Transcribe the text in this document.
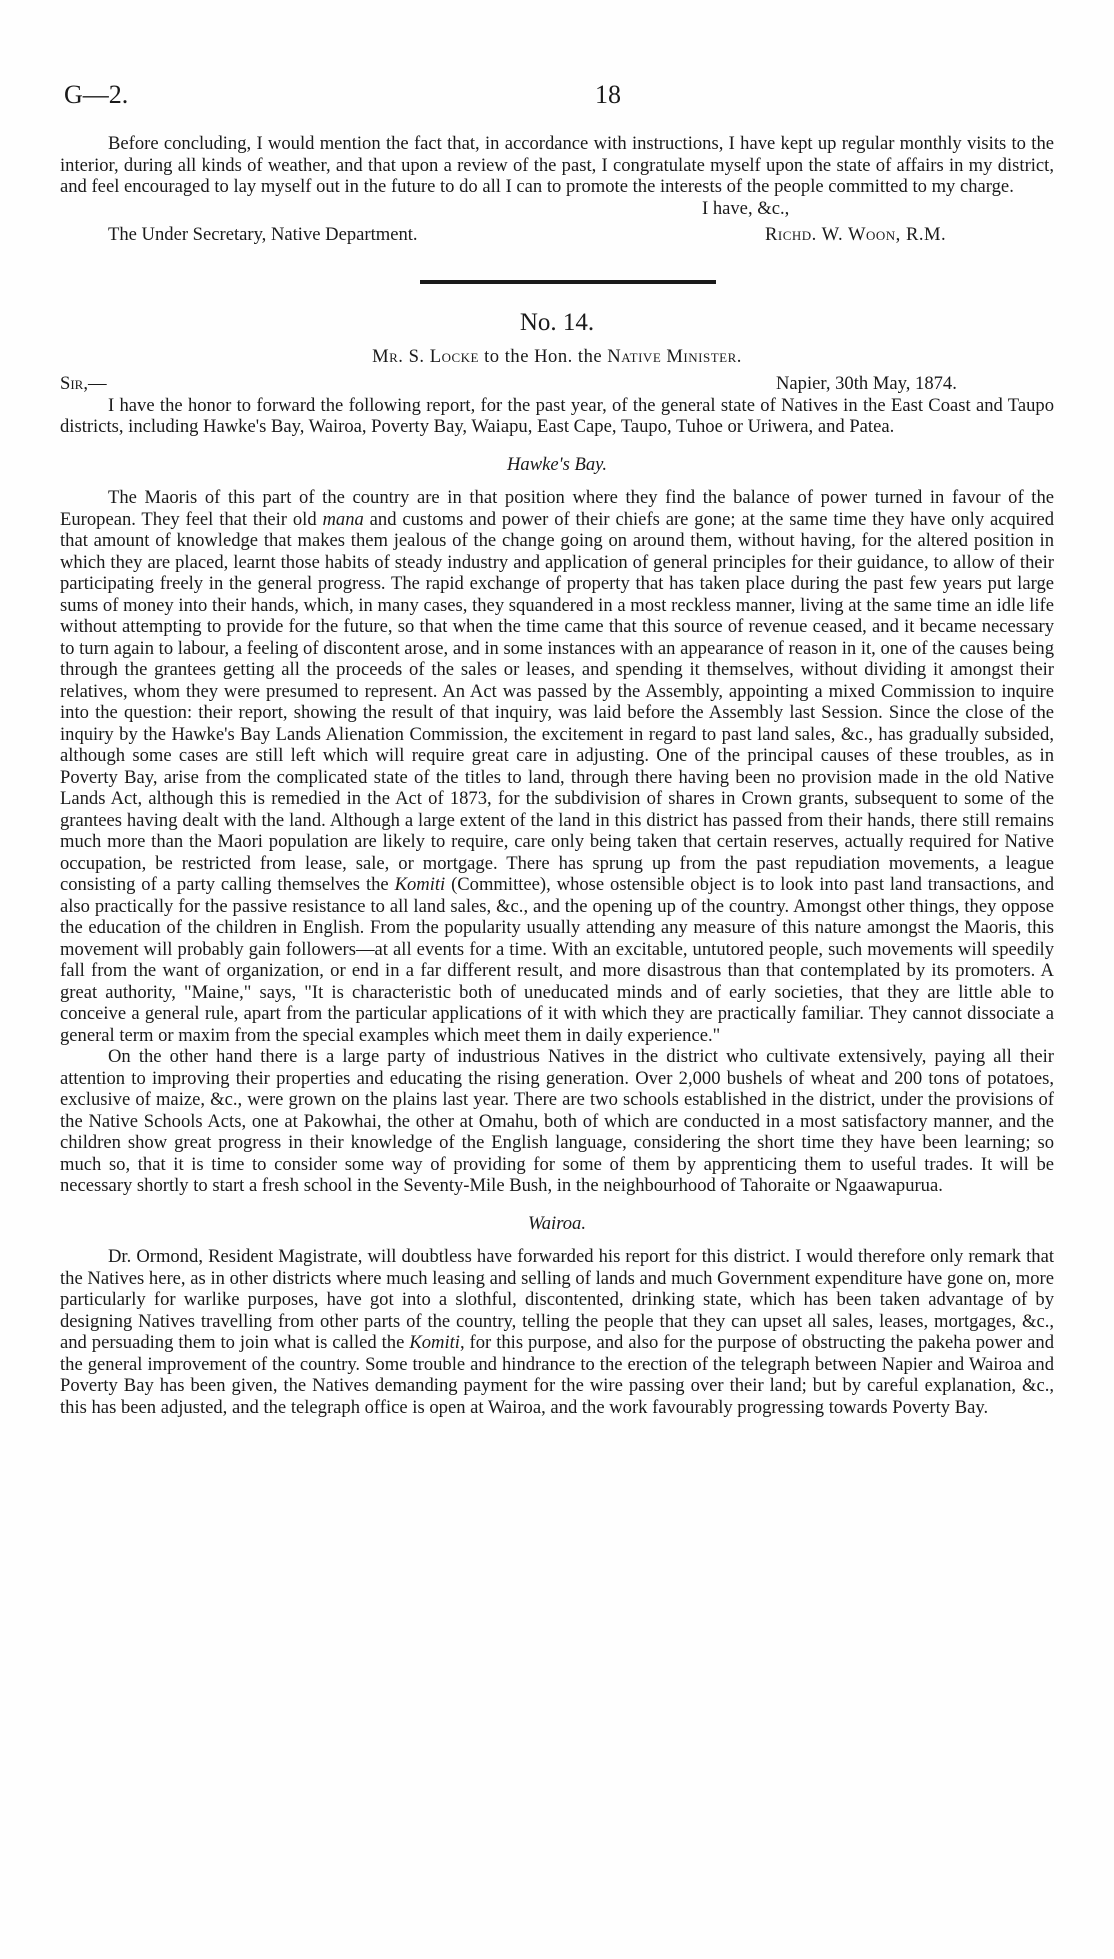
G—2.	18

Before concluding, I would mention the fact that, in accordance with instructions, I have kept up regular monthly visits to the interior, during all kinds of weather, and that upon a review of the past, I congratulate myself upon the state of affairs in my district, and feel encouraged to lay myself out in the future to do all I can to promote the interests of the people committed to my charge.

I have, &c.,
The Under Secretary, Native Department.	Richd. W. Woon, R.M.
No. 14.
Mr. S. Locke to the Hon. the Native Minister.
Sir,—	Napier, 30th May, 1874.

I have the honor to forward the following report, for the past year, of the general state of Natives in the East Coast and Taupo districts, including Hawke's Bay, Wairoa, Poverty Bay, Waiapu, East Cape, Taupo, Tuhoe or Uriwera, and Patea.

Hawke's Bay.

The Maoris of this part of the country are in that position where they find the balance of power turned in favour of the European. They feel that their old mana and customs and power of their chiefs are gone; at the same time they have only acquired that amount of knowledge that makes them jealous of the change going on around them, without having, for the altered position in which they are placed, learnt those habits of steady industry and application of general principles for their guidance, to allow of their participating freely in the general progress. The rapid exchange of property that has taken place during the past few years put large sums of money into their hands, which, in many cases, they squandered in a most reckless manner, living at the same time an idle life without attempting to provide for the future, so that when the time came that this source of revenue ceased, and it became necessary to turn again to labour, a feeling of discontent arose, and in some instances with an appearance of reason in it, one of the causes being through the grantees getting all the proceeds of the sales or leases, and spending it themselves, without dividing it amongst their relatives, whom they were presumed to represent. An Act was passed by the Assembly, appointing a mixed Commission to inquire into the question: their report, showing the result of that inquiry, was laid before the Assembly last Session. Since the close of the inquiry by the Hawke's Bay Lands Alienation Commission, the excitement in regard to past land sales, &c., has gradually subsided, although some cases are still left which will require great care in adjusting. One of the principal causes of these troubles, as in Poverty Bay, arise from the complicated state of the titles to land, through there having been no provision made in the old Native Lands Act, although this is remedied in the Act of 1873, for the subdivision of shares in Crown grants, subsequent to some of the grantees having dealt with the land. Although a large extent of the land in this district has passed from their hands, there still remains much more than the Maori population are likely to require, care only being taken that certain reserves, actually required for Native occupation, be restricted from lease, sale, or mortgage. There has sprung up from the past repudiation movements, a league consisting of a party calling themselves the Komiti (Committee), whose ostensible object is to look into past land transactions, and also practically for the passive resistance to all land sales, &c., and the opening up of the country. Amongst other things, they oppose the education of the children in English. From the popularity usually attending any measure of this nature amongst the Maoris, this movement will probably gain followers—at all events for a time. With an excitable, untutored people, such movements will speedily fall from the want of organization, or end in a far different result, and more disastrous than that contemplated by its promoters. A great authority, "Maine," says, "It is characteristic both of uneducated minds and of early societies, that they are little able to conceive a general rule, apart from the particular applications of it with which they are practically familiar. They cannot dissociate a general term or maxim from the special examples which meet them in daily experience."

On the other hand there is a large party of industrious Natives in the district who cultivate extensively, paying all their attention to improving their properties and educating the rising generation. Over 2,000 bushels of wheat and 200 tons of potatoes, exclusive of maize, &c., were grown on the plains last year. There are two schools established in the district, under the provisions of the Native Schools Acts, one at Pakowhai, the other at Omahu, both of which are conducted in a most satisfactory manner, and the children show great progress in their knowledge of the English language, considering the short time they have been learning; so much so, that it is time to consider some way of providing for some of them by apprenticing them to useful trades. It will be necessary shortly to start a fresh school in the Seventy-Mile Bush, in the neighbourhood of Tahoraite or Ngaawapurua.

Wairoa.

Dr. Ormond, Resident Magistrate, will doubtless have forwarded his report for this district. I would therefore only remark that the Natives here, as in other districts where much leasing and selling of lands and much Government expenditure have gone on, more particularly for warlike purposes, have got into a slothful, discontented, drinking state, which has been taken advantage of by designing Natives travelling from other parts of the country, telling the people that they can upset all sales, leases, mortgages, &c., and persuading them to join what is called the Komiti, for this purpose, and also for the purpose of obstructing the pakeha power and the general improvement of the country. Some trouble and hindrance to the erection of the telegraph between Napier and Wairoa and Poverty Bay has been given, the Natives demanding payment for the wire passing over their land; but by careful explanation, &c., this has been adjusted, and the telegraph office is open at Wairoa, and the work favourably progressing towards Poverty Bay.
